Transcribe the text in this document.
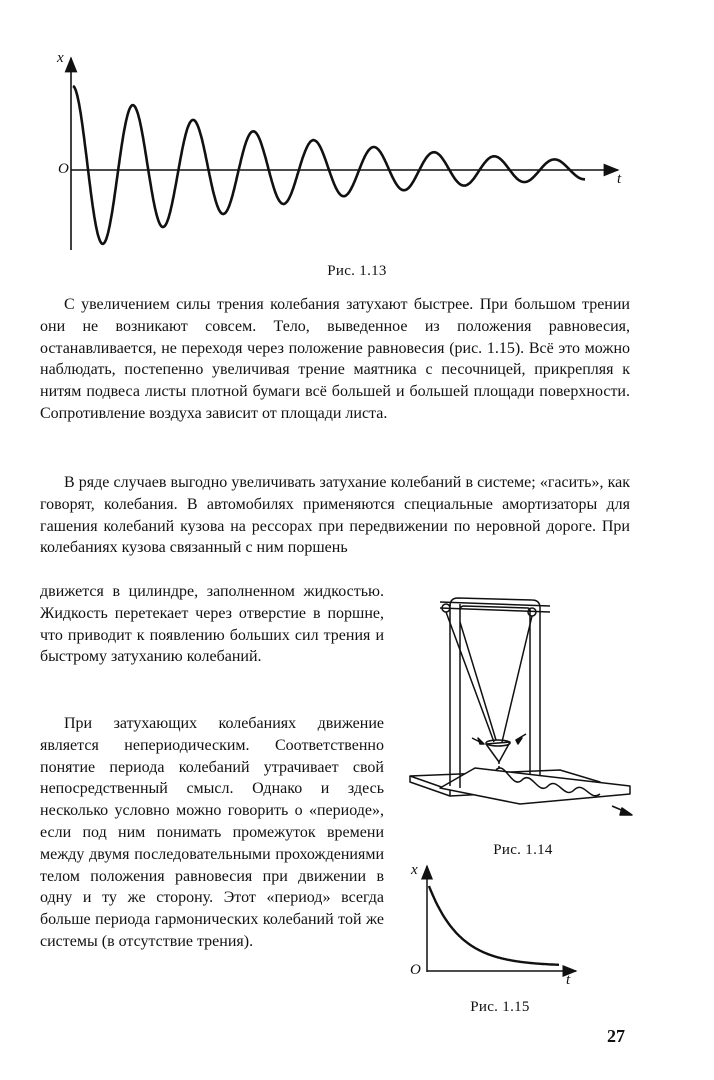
x
O
t
Рис. 1.13

С увеличением силы трения колебания затухают быстрее. При большом трении они не возникают совсем. Тело, выведенное из положения равновесия, останавливается, не переходя через положение равновесия (рис. 1.15). Всё это можно наблюдать, постепенно увеличивая трение маятника с песочницей, прикрепляя к нитям подвеса листы плотной бумаги всё большей и большей площади поверхности. Сопротивление воздуха зависит от площади листа.

В ряде случаев выгодно увеличивать затухание колебаний в системе; «гасить», как говорят, колебания. В автомобилях применяются специальные амортизаторы для гашения колебаний кузова на рессорах при передвижении по неровной дороге. При колебаниях кузова связанный с ним поршень

движется в цилиндре, заполненном жидкостью. Жидкость перетекает через отверстие в поршне, что приводит к появлению больших сил трения и быстрому затуханию колебаний.

При затухающих колебаниях движение является непериодическим. Соответственно понятие периода колебаний утрачивает свой непосредственный смысл. Однако и здесь несколько условно можно говорить о «периоде», если под ним понимать промежуток времени между двумя последовательными прохождениями телом положения равновесия при движении в одну и ту же сторону. Этот «период» всегда больше периода гармонических колебаний той же системы (в отсутствие трения).

Рис. 1.14
x
O
t
Рис. 1.15
27
